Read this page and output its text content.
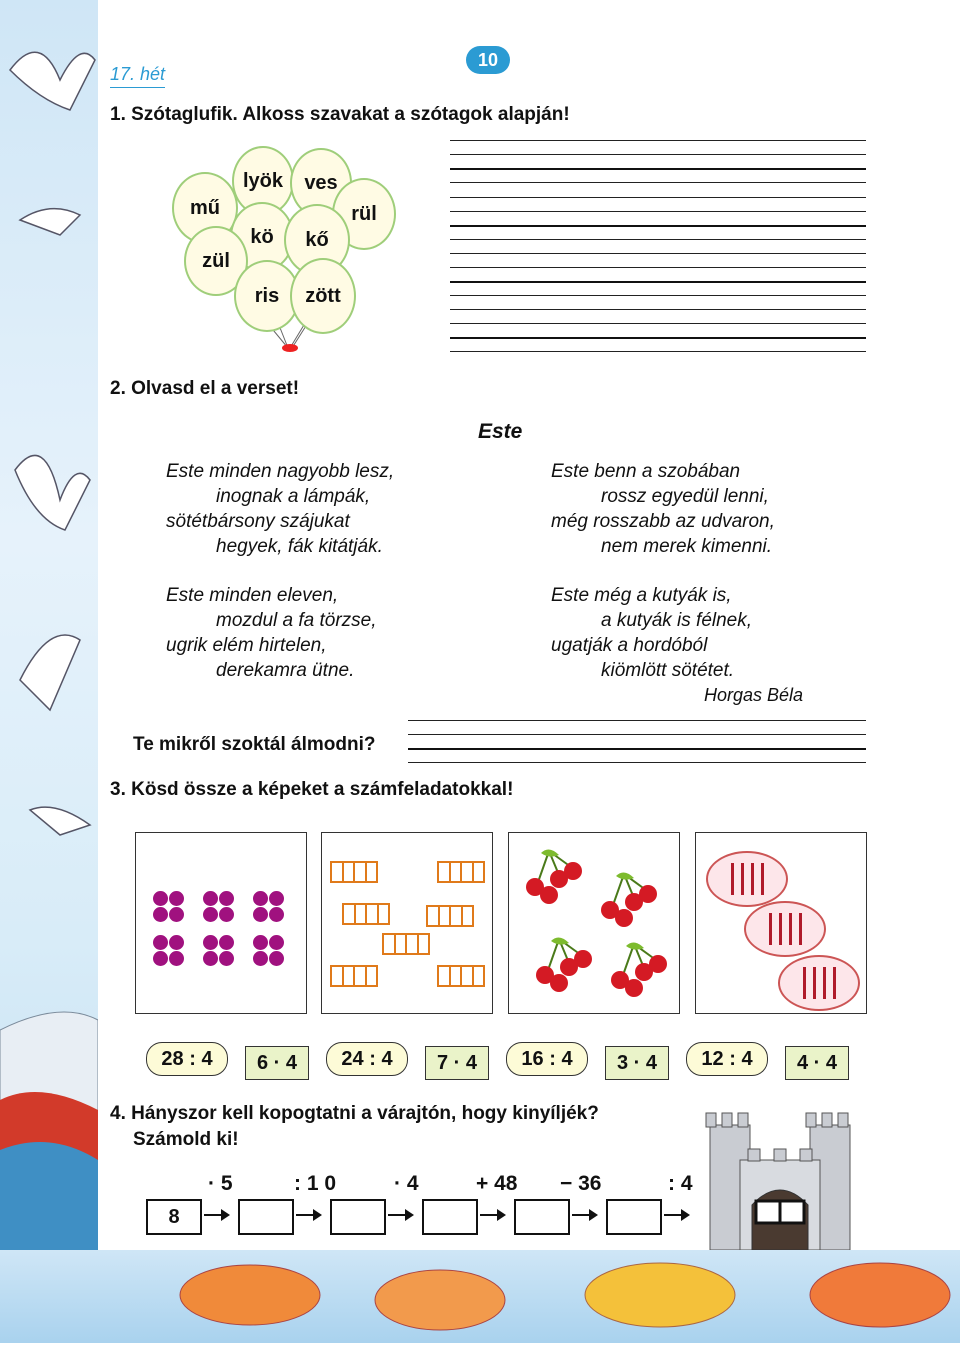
17. hét
10
1. Szótaglufik. Alkoss szavakat a szótagok alapján!
lyök	ves
mű	rül
kö	kő
zül
ris	zött
2. Olvasd el a verset!
Este
Este minden nagyobb lesz,
inognak a lámpák,
sötétbársony szájukat
hegyek, fák kitátják.
Este minden eleven,
mozdul a fa törzse,
ugrik elém hirtelen,
derekamra ütne.
Este benn a szobában
rossz egyedül lenni,
még rosszabb az udvaron,
nem merek kimenni.
Este még a kutyák is,
a kutyák is félnek,
ugatják a hordóból
kiömlött sötétet.
Horgas Béla
Te mikről szoktál álmodni?
3. Kösd össze a képeket a számfeladatokkal!
28 : 4	6 · 4	24 : 4	7 · 4	16 : 4	3 · 4	12 : 4	4 · 4
4. Hányszor kell kopogtatni a várajtón, hogy kinyíljék?
Számold ki!
· 5	: 1 0	· 4	+ 48 − 36	: 4
8
